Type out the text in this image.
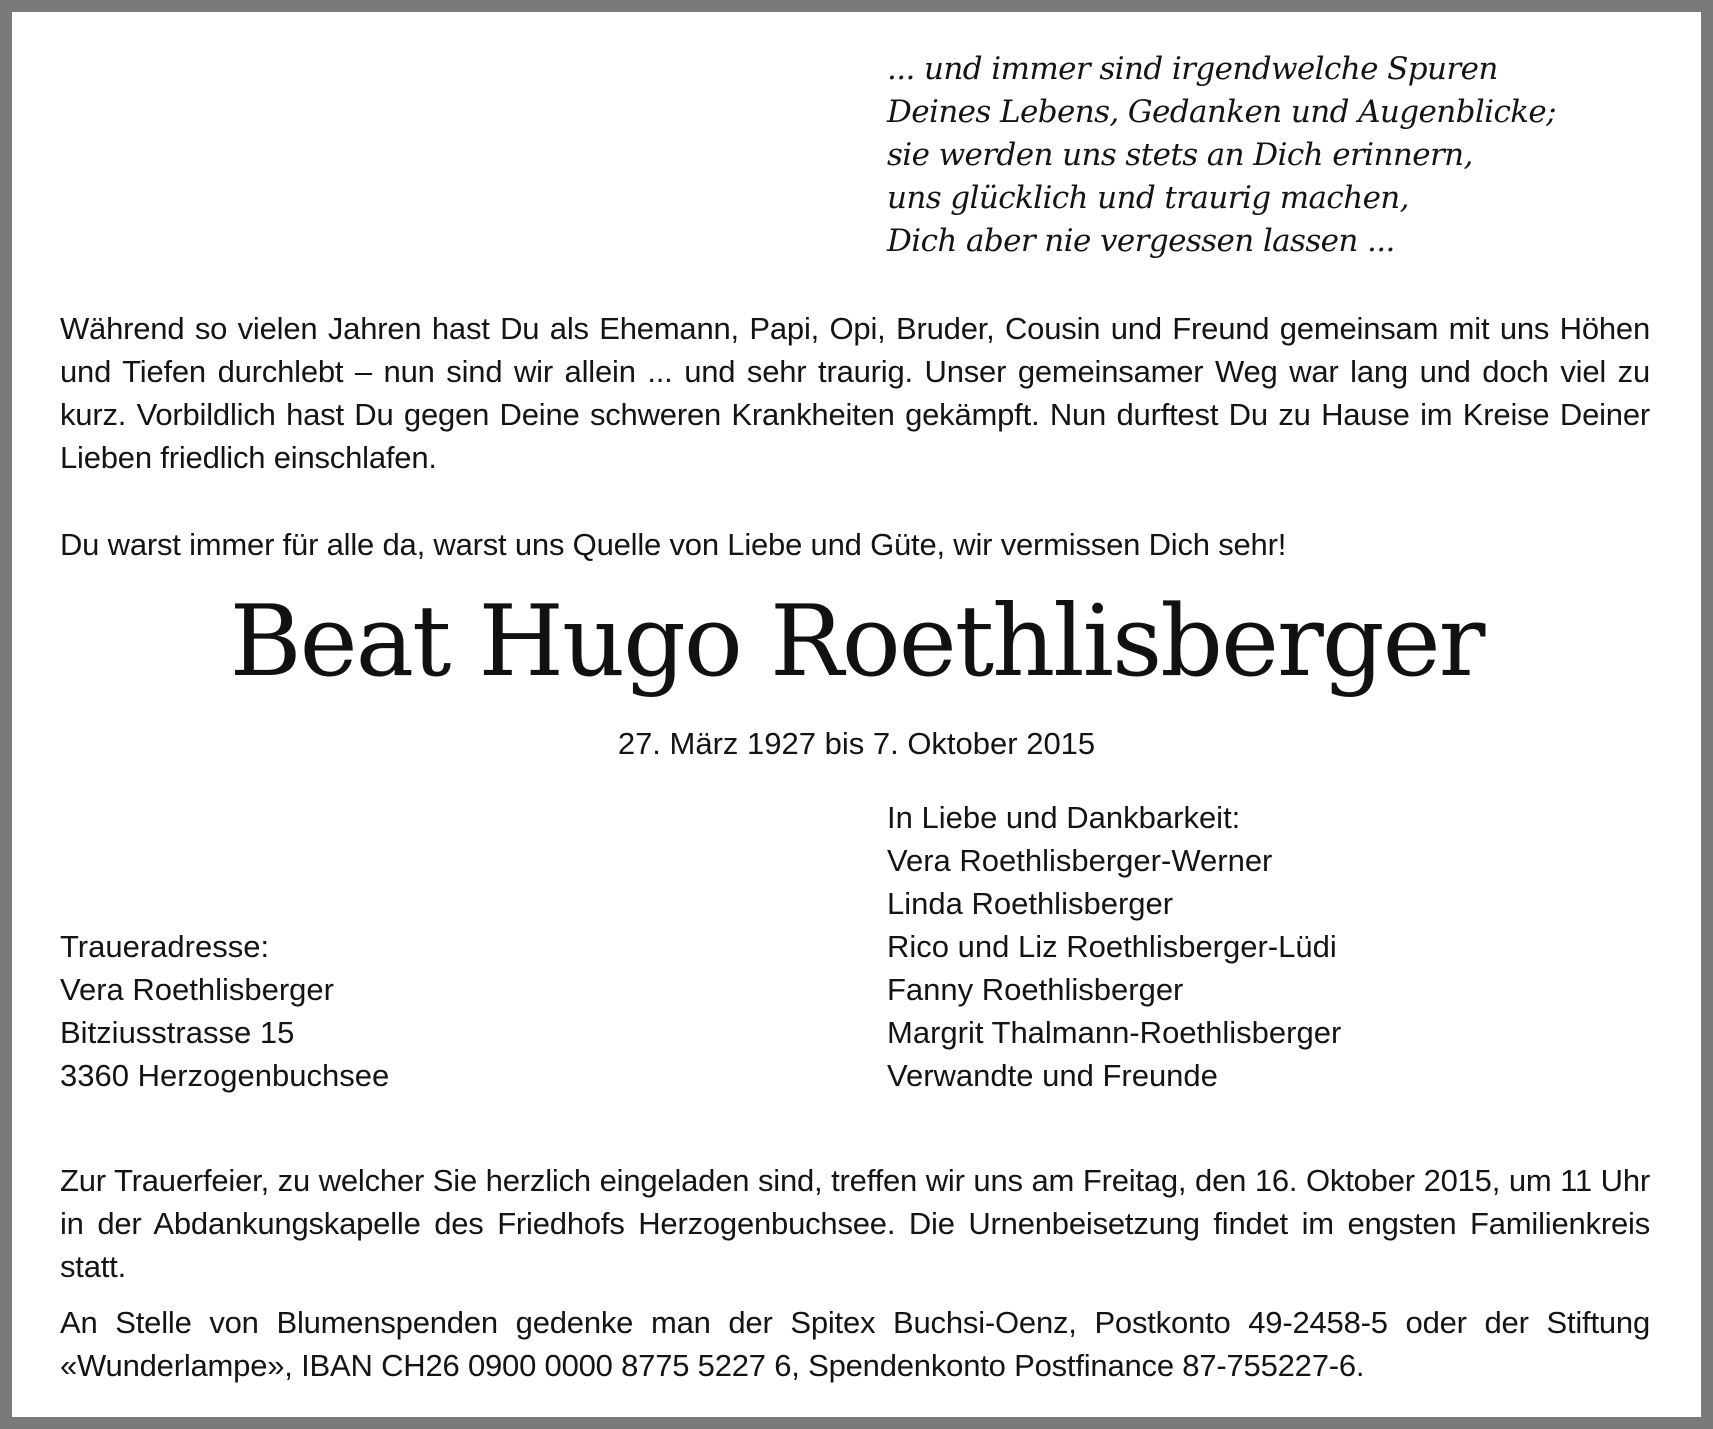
... und immer sind irgendwelche Spuren
Deines Lebens, Gedanken und Augenblicke;
sie werden uns stets an Dich erinnern,
uns glücklich und traurig machen,
Dich aber nie vergessen lassen ...
Während so vielen Jahren hast Du als Ehemann, Papi, Opi, Bruder, Cousin und Freund gemeinsam mit uns Höhen und Tiefen durchlebt – nun sind wir allein ... und sehr traurig. Unser gemeinsamer Weg war lang und doch viel zu kurz. Vorbildlich hast Du gegen Deine schweren Krankheiten gekämpft. Nun durftest Du zu Hause im Kreise Deiner Lieben friedlich einschlafen.
Du warst immer für alle da, warst uns Quelle von Liebe und Güte, wir vermissen Dich sehr!
Beat Hugo Roethlisberger
27. März 1927 bis 7. Oktober 2015
In Liebe und Dankbarkeit:
Vera Roethlisberger-Werner
Linda Roethlisberger
Rico und Liz Roethlisberger-Lüdi
Fanny Roethlisberger
Margrit Thalmann-Roethlisberger
Verwandte und Freunde
Traueradresse:
Vera Roethlisberger
Bitziusstrasse 15
3360 Herzogenbuchsee
Zur Trauerfeier, zu welcher Sie herzlich eingeladen sind, treffen wir uns am Freitag, den 16. Oktober 2015, um 11 Uhr in der Abdankungskapelle des Friedhofs Herzogenbuchsee. Die Urnenbeisetzung findet im engsten Familienkreis statt.
An Stelle von Blumenspenden gedenke man der Spitex Buchsi-Oenz, Postkonto 49-2458-5 oder der Stiftung «Wunderlampe», IBAN CH26 0900 0000 8775 5227 6, Spendenkonto Postfinance 87-755227-6.
